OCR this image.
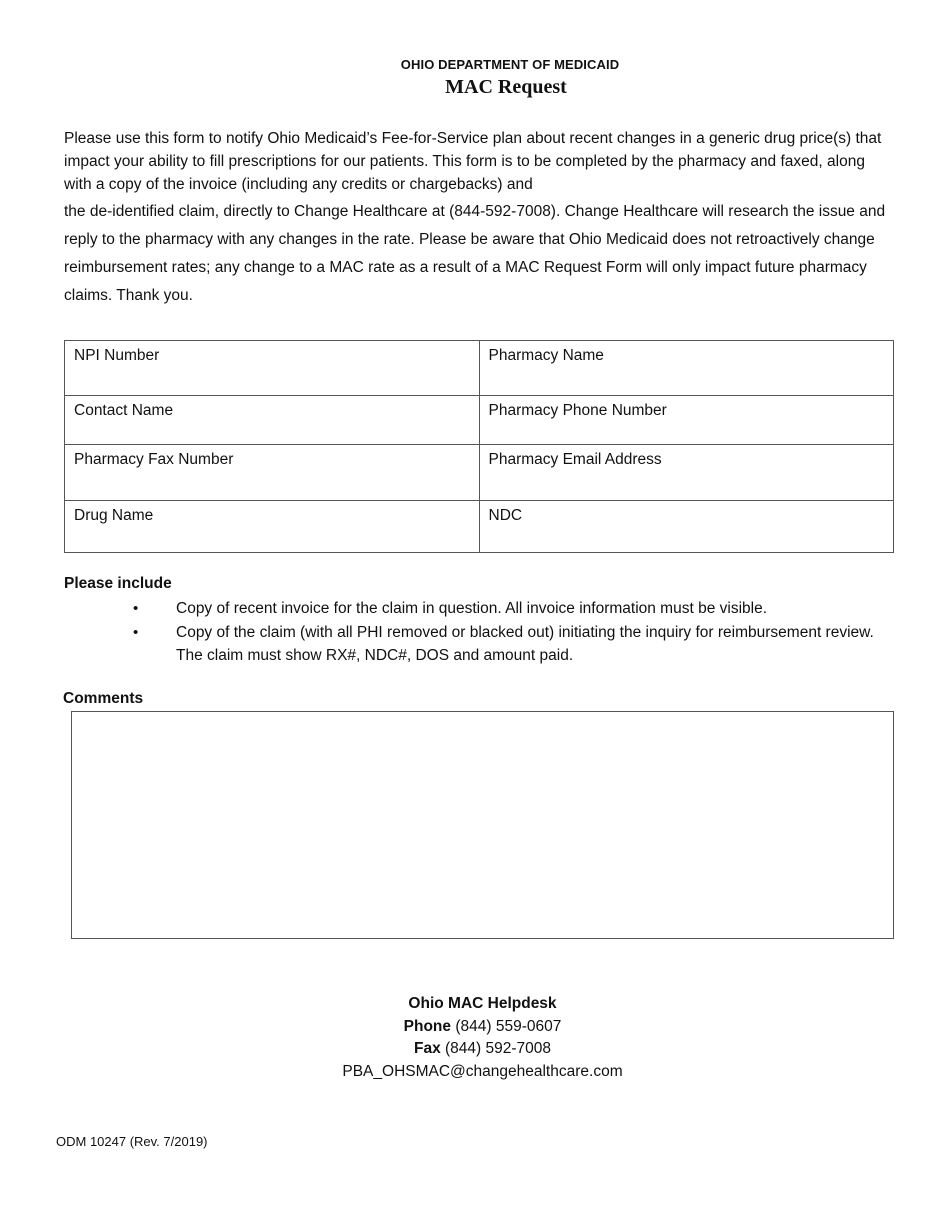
OHIO DEPARTMENT OF MEDICAID
MAC Request

Please use this form to notify Ohio Medicaid’s Fee-for-Service plan about recent changes in a generic drug price(s) that impact your ability to fill prescriptions for our patients. This form is to be completed by the pharmacy and faxed, along with a copy of the invoice (including any credits or chargebacks) and

the de-identified claim, directly to Change Healthcare at (844-592-7008). Change Healthcare will research the issue and reply to the pharmacy with any changes in the rate. Please be aware that Ohio Medicaid does not retroactively change reimbursement rates; any change to a MAC rate as a result of a MAC Request Form will only impact future pharmacy claims. Thank you.

NPI Number	Pharmacy Name
Contact Name	Pharmacy Phone Number
Pharmacy Fax Number	Pharmacy Email Address
Drug Name	NDC
Please include
• Copy of recent invoice for the claim in question. All invoice information must be visible.
• Copy of the claim (with all PHI removed or blacked out) initiating the inquiry for reimbursement review. The claim must show RX#, NDC#, DOS and amount paid.
Comments
Ohio MAC Helpdesk
Phone (844) 559-0607
Fax (844) 592-7008
PBA_OHSMAC@changehealthcare.com
ODM 10247 (Rev. 7/2019)
